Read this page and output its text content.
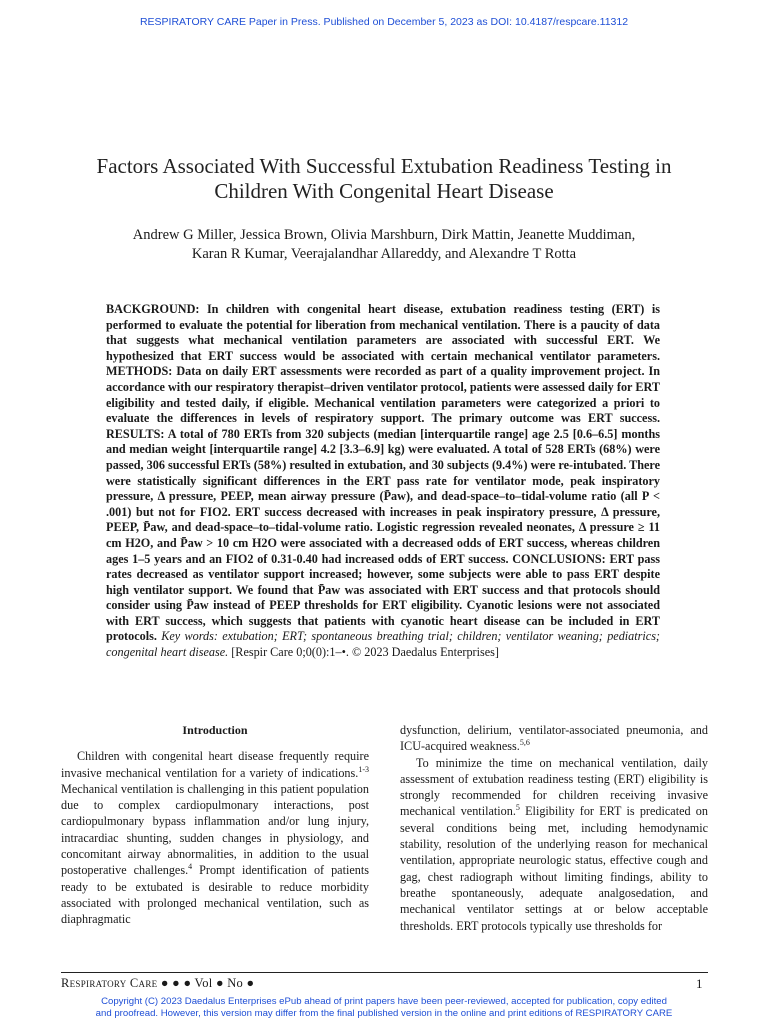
RESPIRATORY CARE Paper in Press. Published on December 5, 2023 as DOI: 10.4187/respcare.11312
Factors Associated With Successful Extubation Readiness Testing in
Children With Congenital Heart Disease
Andrew G Miller, Jessica Brown, Olivia Marshburn, Dirk Mattin, Jeanette Muddiman,
Karan R Kumar, Veerajalandhar Allareddy, and Alexandre T Rotta
BACKGROUND: In children with congenital heart disease, extubation readiness testing (ERT) is performed to evaluate the potential for liberation from mechanical ventilation. There is a paucity of data that suggests what mechanical ventilation parameters are associated with successful ERT. We hypothesized that ERT success would be associated with certain mechanical ventilator parameters. METHODS: Data on daily ERT assessments were recorded as part of a quality improvement project. In accordance with our respiratory therapist–driven ventilator protocol, patients were assessed daily for ERT eligibility and tested daily, if eligible. Mechanical ventilation parameters were categorized a priori to evaluate the differences in levels of respiratory support. The primary outcome was ERT success. RESULTS: A total of 780 ERTs from 320 subjects (median [interquartile range] age 2.5 [0.6–6.5] months and median weight [interquartile range] 4.2 [3.3–6.9] kg) were evaluated. A total of 528 ERTs (68%) were passed, 306 successful ERTs (58%) resulted in extubation, and 30 subjects (9.4%) were re-intubated. There were statistically significant differences in the ERT pass rate for ventilator mode, peak inspiratory pressure, Δ pressure, PEEP, mean airway pressure (P̄aw), and dead-space–to–tidal-volume ratio (all P < .001) but not for FIO2. ERT success decreased with increases in peak inspiratory pressure, Δ pressure, PEEP, P̄aw, and dead-space–to–tidal-volume ratio. Logistic regression revealed neonates, Δ pressure ≥ 11 cm H2O, and P̄aw > 10 cm H2O were associated with a decreased odds of ERT success, whereas children ages 1–5 years and an FIO2 of 0.31-0.40 had increased odds of ERT success. CONCLUSIONS: ERT pass rates decreased as ventilator support increased; however, some subjects were able to pass ERT despite high ventilator support. We found that P̄aw was associated with ERT success and that protocols should consider using P̄aw instead of PEEP thresholds for ERT eligibility. Cyanotic lesions were not associated with ERT success, which suggests that patients with cyanotic heart disease can be included in ERT protocols. Key words: extubation; ERT; spontaneous breathing trial; children; ventilator weaning; pediatrics; congenital heart disease. [Respir Care 0;0(0):1–•. © 2023 Daedalus Enterprises]
Introduction

Children with congenital heart disease frequently require invasive mechanical ventilation for a variety of indications.$^{1-3}$ Mechanical ventilation is challenging in this patient population due to complex cardiopulmonary interactions, post cardiopulmonary bypass inflammation and/or lung injury, intracardiac shunting, sudden changes in physiology, and concomitant airway abnormalities, in addition to the usual postoperative challenges.$^4$ Prompt identification of patients ready to be extubated is desirable to reduce morbidity associated with prolonged mechanical ventilation, such as diaphragmatic

dysfunction, delirium, ventilator-associated pneumonia, and ICU-acquired weakness.$^{5,6}$

To minimize the time on mechanical ventilation, daily assessment of extubation readiness testing (ERT) eligibility is strongly recommended for children receiving invasive mechanical ventilation.$^5$ Eligibility for ERT is predicated on several conditions being met, including hemodynamic stability, resolution of the underlying reason for mechanical ventilation, appropriate neurologic status, effective cough and gag, chest radiograph without limiting findings, ability to breathe spontaneously, adequate analgosedation, and mechanical ventilator settings at or below acceptable thresholds. ERT protocols typically use thresholds for

Respiratory Care ● ● ● Vol ● No ●	1
Copyright (C) 2023 Daedalus Enterprises ePub ahead of print papers have been peer-reviewed, accepted for publication, copy edited
and proofread. However, this version may differ from the final published version in the online and print editions of RESPIRATORY CARE
